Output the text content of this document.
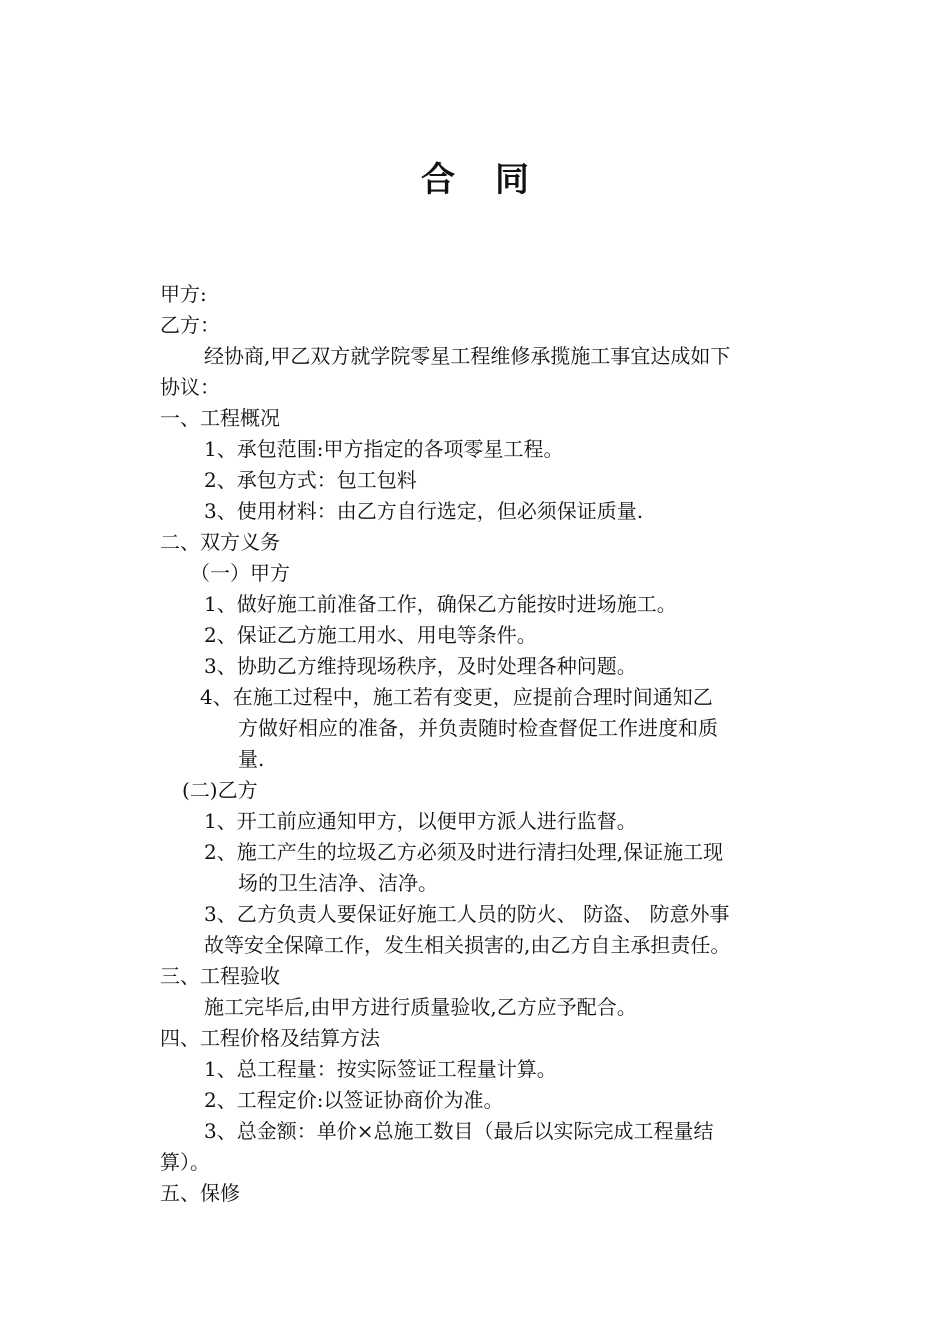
合同
甲方:
乙方：
经协商,甲乙双方就学院零星工程维修承揽施工事宜达成如下
协议：
一、工程概况
1、承包范围:甲方指定的各项零星工程。
2、承包方式：包工包料
3、使用材料：由乙方自行选定，但必须保证质量.
二、双方义务
（一）甲方
1、做好施工前准备工作，确保乙方能按时进场施工。
2、保证乙方施工用水、用电等条件。
3、协助乙方维持现场秩序，及时处理各种问题。
4、在施工过程中，施工若有变更，应提前合理时间通知乙
方做好相应的准备，并负责随时检查督促工作进度和质
量.
(二)乙方
1、开工前应通知甲方，以便甲方派人进行监督。
2、施工产生的垃圾乙方必须及时进行清扫处理,保证施工现
场的卫生洁净、洁净。
3、乙方负责人要保证好施工人员的防火、 防盗、 防意外事
故等安全保障工作，发生相关损害的,由乙方自主承担责任。
三、工程验收
施工完毕后,由甲方进行质量验收,乙方应予配合。
四、工程价格及结算方法
1、总工程量：按实际签证工程量计算。
2、工程定价:以签证协商价为准。
3、总金额：单价×总施工数目（最后以实际完成工程量结
算）。
五、保修
